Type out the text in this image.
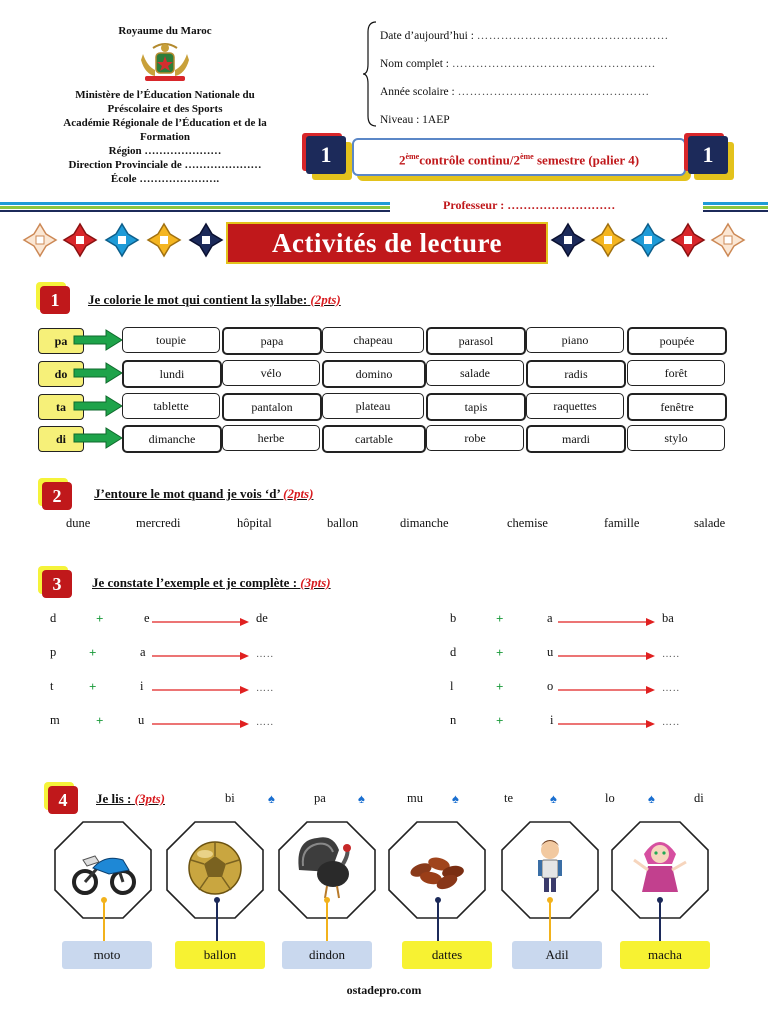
Royaume du Maroc
Ministère de l’Éducation Nationale du
Préscolaire et des Sports
Académie Régionale de l’Éducation et de la
Formation
Région …………………
Direction Provinciale de …………………
École ………………….
Date d’aujourd’hui : …………………………………………
Nom complet : ……………………………………………
Année scolaire : …………………………………………
Niveau : 1AEP
1	2èmecontrôle continu/2ème semestre (palier 4)	1
Professeur : ………………………
Activités de lecture
1	Je colorie le mot qui contient la syllabe: (2pts)
pa	toupie	papa	chapeau	parasol	piano	poupée
do	lundi	vélo	domino	salade	radis	forêt
ta	tablette	pantalon	plateau	tapis	raquettes	fenêtre
di	dimanche	herbe	cartable	robe	mardi	stylo
2	J’entoure le mot quand je vois ‘d’ (2pts)
dune	mercredi	hôpital	ballon	dimanche	chemise	famille	salade
3	Je constate l’exemple et je complète : (3pts)
d	+	e	de
p	+	a	…..
t	+	i	…..
m	+	u	…..
b	+	a	ba
d	+	u	…..
l	+	o	…..
n	+	i	…..
4	Je lis : (3pts)	bi	♠	pa ♠	mu ♠	te	♠	lo	♠	di
moto	ballon	dindon	dattes	Adil	macha
ostadepro.com
